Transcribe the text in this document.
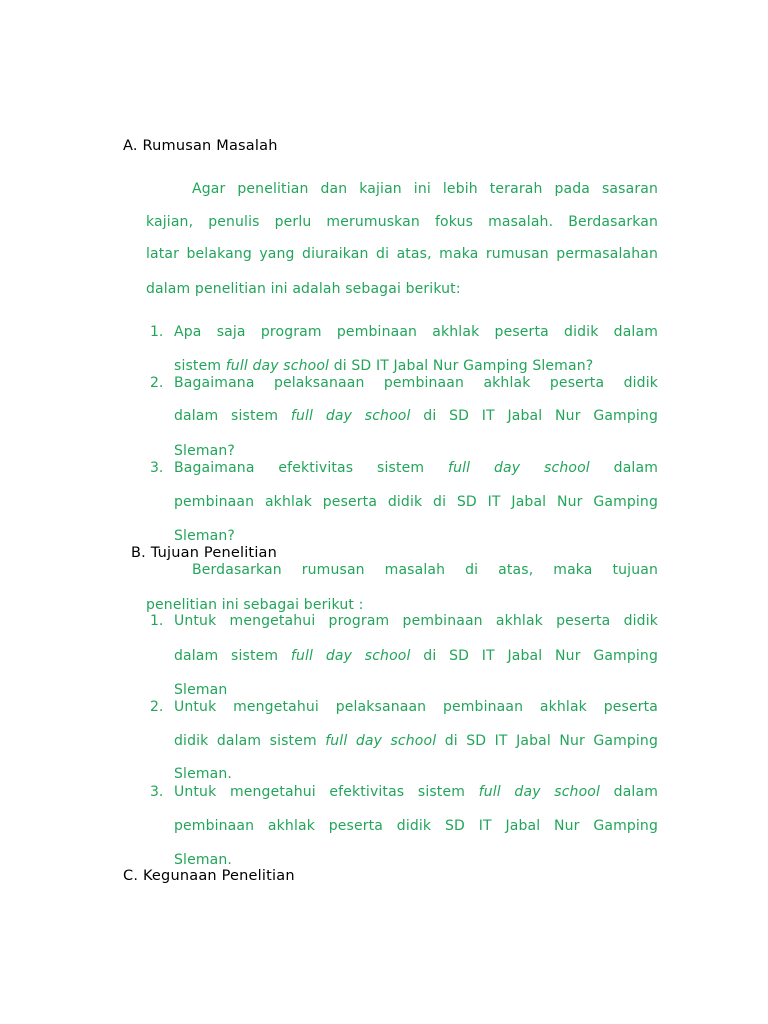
A. Rumusan Masalah
Agar penelitian dan kajian ini lebih terarah pada sasaran
kajian, penulis perlu merumuskan fokus masalah. Berdasarkan
latar belakang yang diuraikan di atas, maka rumusan permasalahan
dalam penelitian ini adalah sebagai berikut:
1. Apa saja program pembinaan akhlak peserta didik dalam
sistem full day school di SD IT Jabal Nur Gamping Sleman?
2. Bagaimana pelaksanaan pembinaan akhlak peserta didik
dalam sistem full day school di SD IT Jabal Nur Gamping
Sleman?
3. Bagaimana efektivitas sistem full day school dalam
pembinaan akhlak peserta didik di SD IT Jabal Nur Gamping
Sleman?
B. Tujuan Penelitian
Berdasarkan rumusan masalah di atas, maka tujuan
penelitian ini sebagai berikut :
1. Untuk mengetahui program pembinaan akhlak peserta didik
dalam sistem full day school di SD IT Jabal Nur Gamping
Sleman
2. Untuk mengetahui pelaksanaan pembinaan akhlak peserta
didik dalam sistem full day school di SD IT Jabal Nur Gamping
Sleman.
3. Untuk mengetahui efektivitas sistem full day school dalam
pembinaan akhlak peserta didik SD IT Jabal Nur Gamping
Sleman.
C. Kegunaan Penelitian
